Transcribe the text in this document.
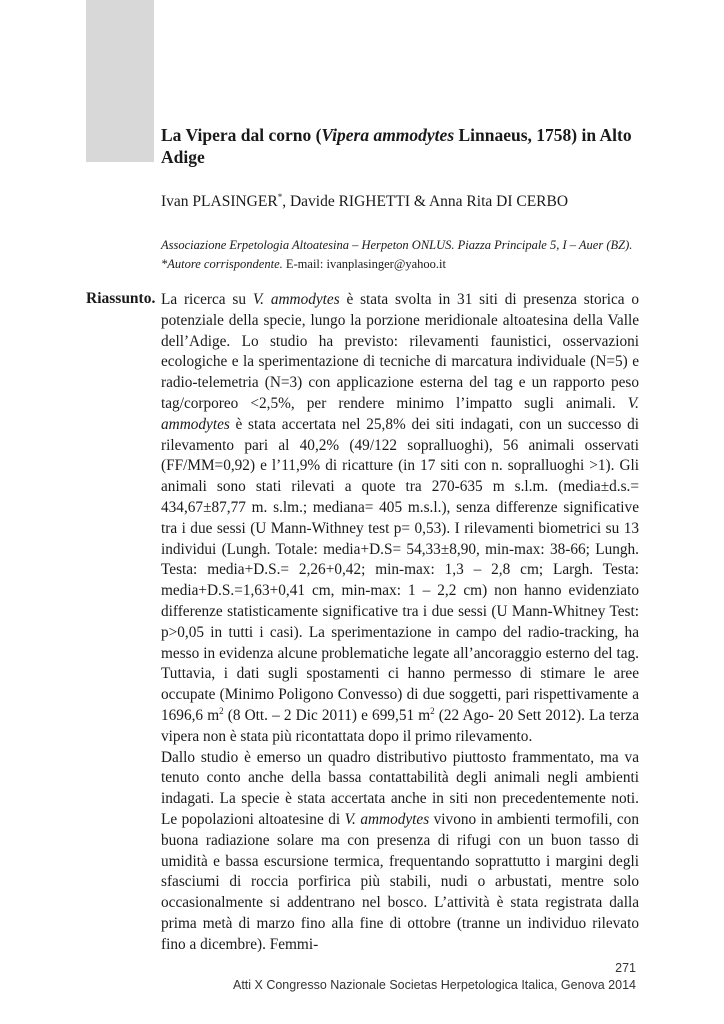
La Vipera dal corno (Vipera ammodytes Linnaeus, 1758) in Alto Adige
Ivan PLASINGER*, Davide RIGHETTI & Anna Rita DI CERBO
Associazione Erpetologia Altoatesina – Herpeton ONLUS. Piazza Principale 5, I – Auer (BZ).
*Autore corrispondente. E-mail: ivanplasinger@yahoo.it
Riassunto. La ricerca su V. ammodytes è stata svolta in 31 siti di presenza storica o potenziale della specie, lungo la porzione meridionale altoatesina della Valle dell’Adige. Lo studio ha previsto: rilevamenti faunistici, osservazioni ecologiche e la sperimentazione di tecniche di marcatura individuale (N=5) e radio-telemetria (N=3) con applicazione esterna del tag e un rapporto peso tag/corporeo <2,5%, per rendere minimo l’impatto sugli animali. V. ammodytes è stata accertata nel 25,8% dei siti indagati, con un successo di rilevamento pari al 40,2% (49/122 sopralluoghi), 56 animali osservati (FF/MM=0,92) e l’11,9% di ricatture (in 17 siti con n. sopralluoghi >1). Gli animali sono stati rilevati a quote tra 270-635 m s.l.m. (media±d.s.= 434,67±87,77 m. s.lm.; mediana= 405 m.s.l.), senza differenze significative tra i due sessi (U Mann-Withney test p= 0,53). I rilevamenti biometrici su 13 individui (Lungh. Totale: media+D.S= 54,33±8,90, min-max: 38-66; Lungh. Testa: media+D.S.= 2,26+0,42; min-max: 1,3 – 2,8 cm; Largh. Testa: media+D.S.=1,63+0,41 cm, min-max: 1 – 2,2 cm) non hanno evidenziato differenze statisticamente significative tra i due sessi (U Mann-Whitney Test: p>0,05 in tutti i casi). La sperimentazione in campo del radio-tracking, ha messo in evidenza alcune problematiche legate all’ancoraggio esterno del tag. Tuttavia, i dati sugli spostamenti ci hanno permesso di stimare le aree occupate (Minimo Poligono Convesso) di due soggetti, pari rispettivamente a 1696,6 $m^2$ (8 Ott. – 2 Dic 2011) e 699,51 $m^2$ (22 Ago- 20 Sett 2012). La terza vipera non è stata più ricontattata dopo il primo rilevamento.

Dallo studio è emerso un quadro distributivo piuttosto frammentato, ma va tenuto conto anche della bassa contattabilità degli animali negli ambienti indagati. La specie è stata accertata anche in siti non precedentemente noti. Le popolazioni altoatesine di V. ammodytes vivono in ambienti termofili, con buona radiazione solare ma con presenza di rifugi con un buon tasso di umidità e bassa escursione termica, frequentando soprattutto i margini degli sfasciumi di roccia porfirica più stabili, nudi o arbustati, mentre solo occasionalmente si addentrano nel bosco. L’attività è stata registrata dalla prima metà di marzo fino alla fine di ottobre (tranne un individuo rilevato fino a dicembre). Femmi-

271
Atti X Congresso Nazionale Societas Herpetologica Italica, Genova 2014
